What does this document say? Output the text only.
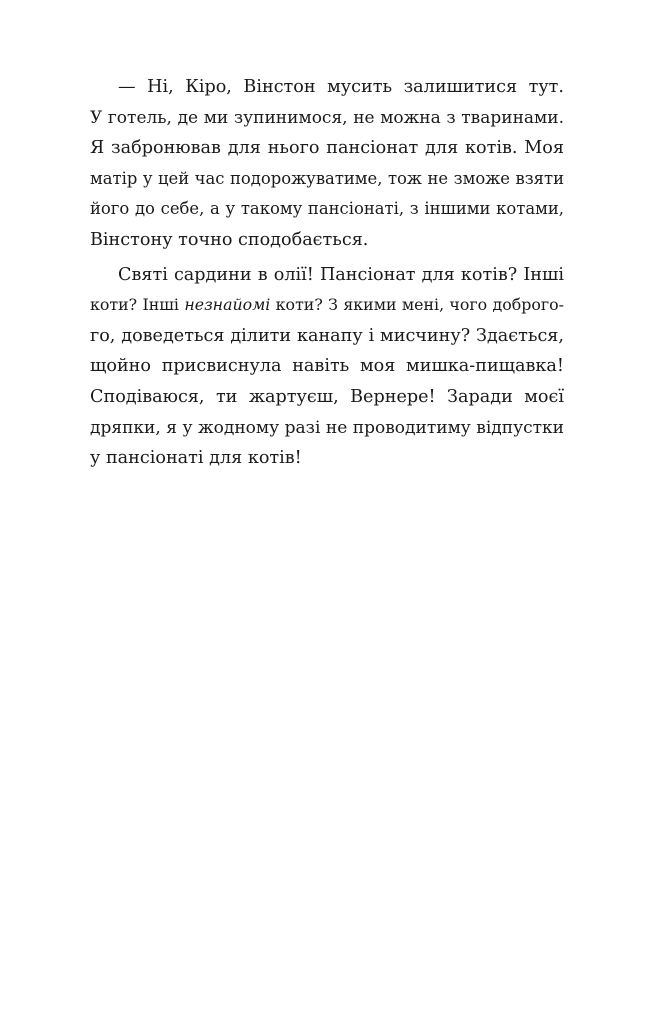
— Ні, Кіро, Вінстон мусить залишитися тут.
У готель, де ми зупинимося, не можна з тваринами.
Я забронював для нього пансіонат для котів. Моя
матір у цей час подорожуватиме, тож не зможе взяти
його до себе, а у такому пансіонаті, з іншими котами,
Вінстону точно сподобається.
Святі сардини в олії! Пансіонат для котів? Інші
коти? Інші незнайомі коти? З якими мені, чого доброго-
го, доведеться ділити канапу і мисчину? Здається,
щойно присвиснула навіть моя мишка-пищавка!
Сподіваюся, ти жартуєш, Вернере! Заради моєї
дряпки, я у жодному разі не проводитиму відпустки
у пансіонаті для котів!
